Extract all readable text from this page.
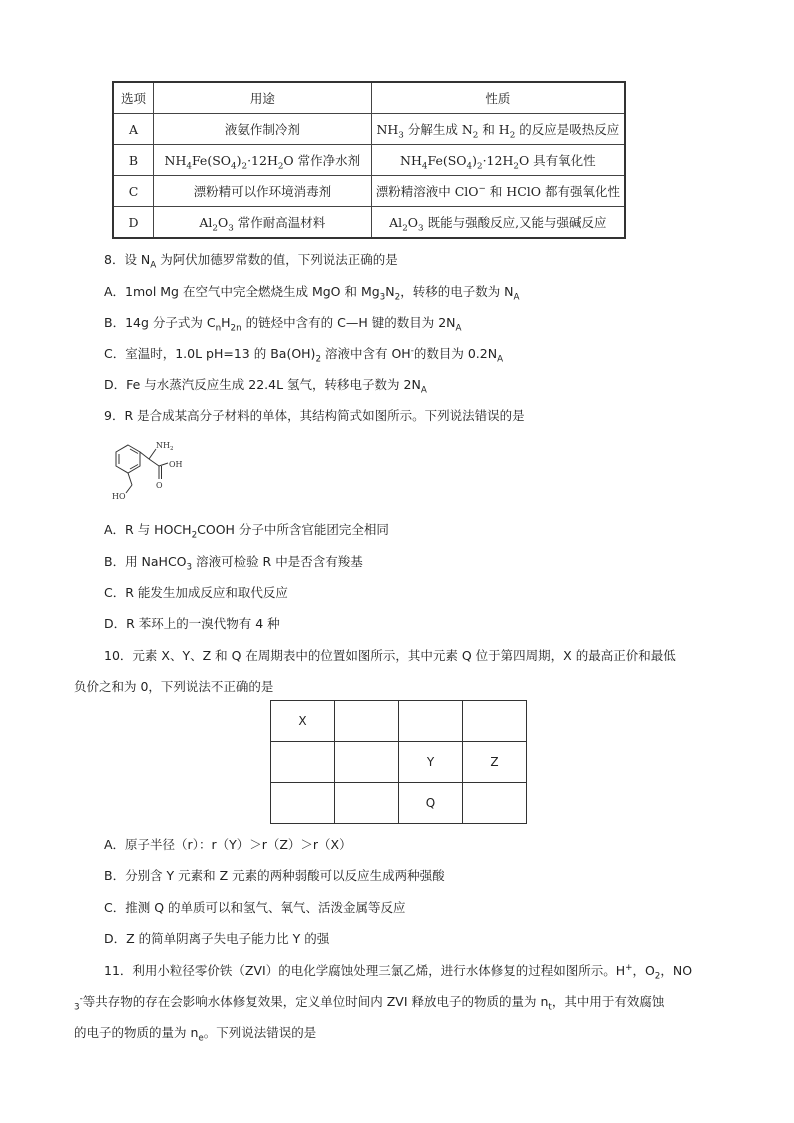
选项	用途	性质
A	液氨作制冷剂	$NH_3$ 分解生成 $N_2$ 和 $H_2$ 的反应是吸热反应
B	$NH_4Fe(SO_4)_2\cdot 12H_2O$ 常作净水剂	$NH_4Fe(SO_4)_2\cdot 12H_2O$ 具有氧化性
C	漂粉精可以作环境消毒剂	漂粉精溶液中 ClO− 和 HClO 都有强氧化性
D	$Al_2O_3$ 常作耐高温材料	$Al_2O_3$ 既能与强酸反应,又能与强碱反应
8．设 $N_A$ 为阿伏加德罗常数的值，下列说法正确的是
A．1mol Mg 在空气中完全燃烧生成 MgO 和 $Mg_3N_2$，转移的电子数为 $N_A$
B．14g 分子式为 $C_nH_{2n}$ 的链烃中含有的 C—H 键的数目为 $2N_A$
C．室温时，1.0L pH=13 的 $Ba(OH)_2$ 溶液中含有 OH-的数目为 $0.2N_A$
D．Fe 与水蒸汽反应生成 22.4L 氢气，转移电子数为 $2N_A$
9．R 是合成某高分子材料的单体，其结构简式如图所示。下列说法错误的是
$NH_2$
OH
O
HO
A．R 与 $HOCH_2COOH$ 分子中所含官能团完全相同
B．用 NaHCO$_3$ 溶液可检验 R 中是否含有羧基
C．R 能发生加成反应和取代反应
D．R 苯环上的一溴代物有 4 种
10．元素 X、Y、Z 和 Q 在周期表中的位置如图所示，其中元素 Q 位于第四周期，X 的最高正价和最低
负价之和为 0，下列说法不正确的是
X			
		Y	Z
		Q	
A．原子半径（r）：r（Y）＞r（Z）＞r（X）
B．分别含 Y 元素和 Z 元素的两种弱酸可以反应生成两种强酸
C．推测 Q 的单质可以和氢气、氧气、活泼金属等反应
D．Z 的简单阴离子失电子能力比 Y 的强
11．利用小粒径零价铁（ZVI）的电化学腐蚀处理三氯乙烯，进行水体修复的过程如图所示。H+，$O_2$，NO
$_3$-等共存物的存在会影响水体修复效果，定义单位时间内 ZVI 释放电子的物质的量为 $n_t$，其中用于有效腐蚀
的电子的物质的量为 $n_e$。下列说法错误的是
